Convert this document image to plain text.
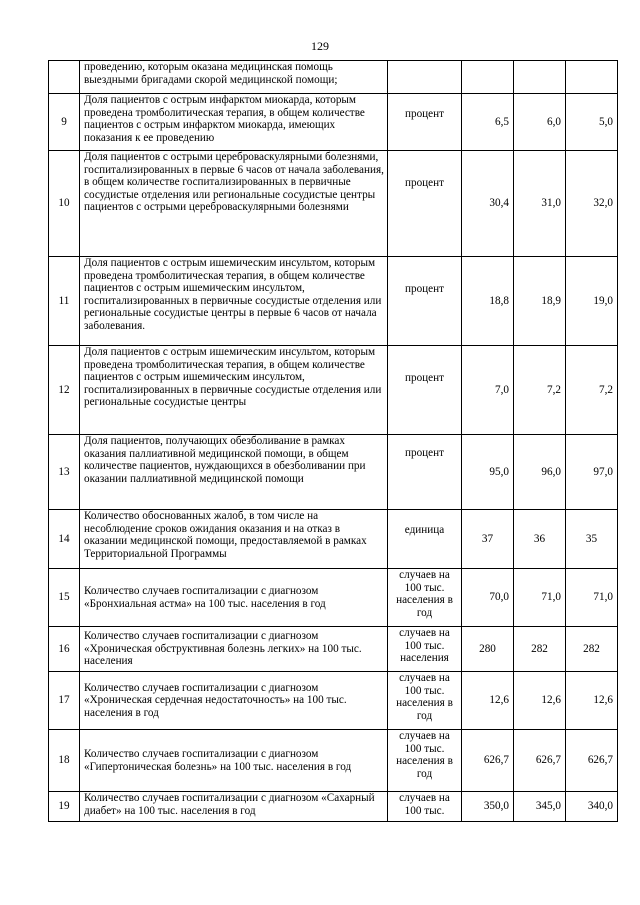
129
	проведению, которым оказана медицинская помощь выездными бригадами скорой медицинской помощи;				
9	Доля пациентов с острым инфарктом миокарда, которым проведена тромболитическая терапия, в общем количестве пациентов с острым инфарктом миокарда, имеющих показания к ее проведению	процент	6,5	6,0	5,0
10	Доля пациентов с острыми цереброваскулярными болезнями, госпитализированных в первые 6 часов от начала заболевания, в общем количестве госпитализированных в первичные сосудистые отделения или региональные сосудистые центры пациентов с острыми цереброваскулярными болезнями	процент	30,4	31,0	32,0
11	Доля пациентов с острым ишемическим инсультом, которым проведена тромболитическая терапия, в общем количестве пациентов с острым ишемическим инсультом, госпитализированных в первичные сосудистые отделения или региональные сосудистые центры в первые 6 часов от начала заболевания.	процент	18,8	18,9	19,0
12	Доля пациентов с острым ишемическим инсультом, которым проведена тромболитическая терапия, в общем количестве пациентов с острым ишемическим инсультом, госпитализированных в первичные сосудистые отделения или региональные сосудистые центры	процент	7,0	7,2	7,2
13	Доля пациентов, получающих обезболивание в рамках оказания паллиативной медицинской помощи, в общем количестве пациентов, нуждающихся в обезболивании при оказании паллиативной медицинской помощи	процент	95,0	96,0	97,0
14	Количество обоснованных жалоб, в том числе на несоблюдение сроков ожидания оказания и на отказ в оказании медицинской помощи, предоставляемой в рамках Территориальной Программы	единица	37	36	35
15	Количество случаев госпитализации с диагнозом «Бронхиальная астма» на 100 тыс. населения в год	случаев на 100 тыс. населения в год	70,0	71,0	71,0
16	Количество случаев госпитализации с диагнозом «Хроническая обструктивная болезнь легких» на 100 тыс. населения	случаев на 100 тыс. населения	280	282	282
17	Количество случаев госпитализации с диагнозом «Хроническая сердечная недостаточность» на 100 тыс. населения в год	случаев на 100 тыс. населения в год	12,6	12,6	12,6
18	Количество случаев госпитализации с диагнозом «Гипертоническая болезнь» на 100 тыс. населения в год	случаев на 100 тыс. населения в год	626,7	626,7	626,7
19	Количество случаев госпитализации с диагнозом «Сахарный диабет» на 100 тыс. населения в год	случаев на 100 тыс.	350,0	345,0	340,0
